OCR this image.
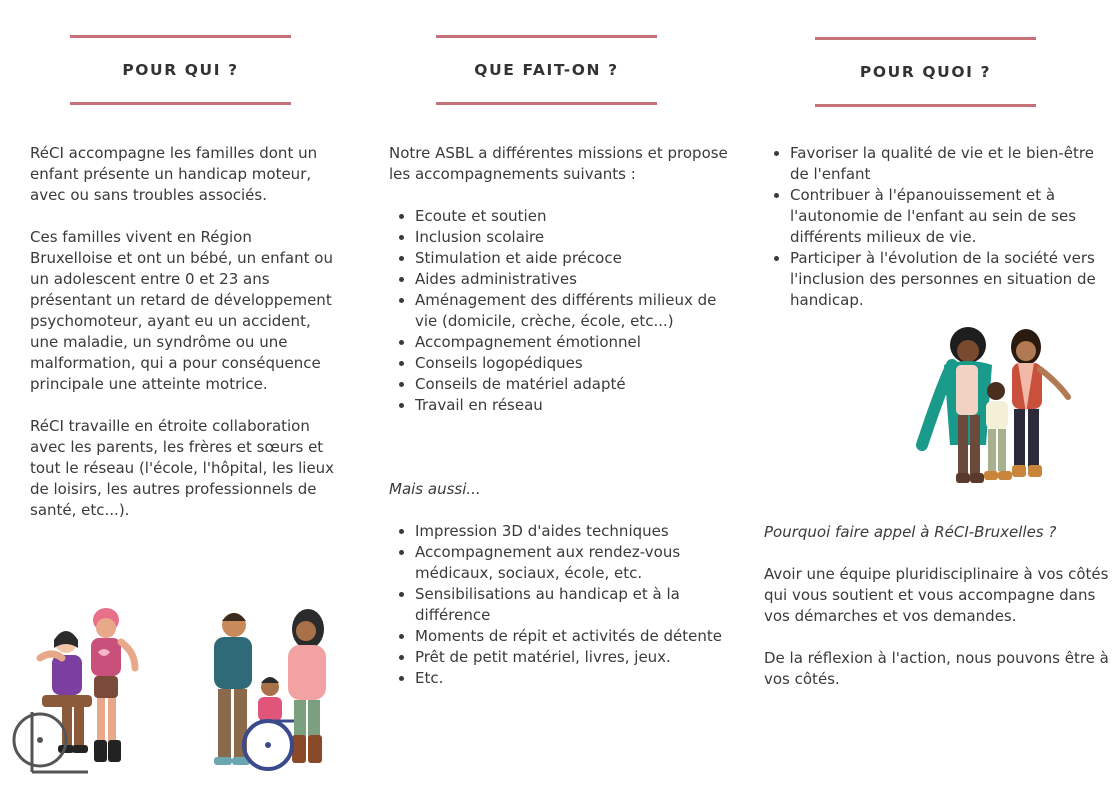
POUR QUI ?

RéCI accompagne les familles dont un enfant présente un handicap moteur, avec ou sans troubles associés.

Ces familles vivent en Région Bruxelloise et ont un bébé, un enfant ou un adolescent entre 0 et 23 ans présentant un retard de développement psychomoteur, ayant eu un accident, une maladie, un syndrôme ou une malformation, qui a pour conséquence principale une atteinte motrice.

RéCI travaille en étroite collaboration avec les parents, les frères et sœurs et tout le réseau (l'école, l'hôpital, les lieux de loisirs, les autres professionnels de santé, etc...).

QUE FAIT-ON ?

Notre ASBL a différentes missions et propose les accompagnements suivants :

Ecoute et soutien
Inclusion scolaire
Stimulation et aide précoce
Aides administratives
Aménagement des différents milieux de vie (domicile, crèche, école, etc...)
Accompagnement émotionnel
Conseils logopédiques
Conseils de matériel adapté
Travail en réseau
Mais aussi...
Impression 3D d'aides techniques
Accompagnement aux rendez-vous médicaux, sociaux, école, etc.
Sensibilisations au handicap et à la différence
Moments de répit et activités de détente
Prêt de petit matériel, livres, jeux.
Etc.
POUR QUOI ?
Favoriser la qualité de vie et le bien-être de l'enfant
Contribuer à l'épanouissement et à l'autonomie de l'enfant au sein de ses différents milieux de vie.
Participer à l'évolution de la société vers l'inclusion des personnes en situation de handicap.
Pourquoi faire appel à RéCI-Bruxelles ?

Avoir une équipe pluridisciplinaire à vos côtés qui vous soutient et vous accompagne dans vos démarches et vos demandes.

De la réflexion à l'action, nous pouvons être à vos côtés.
